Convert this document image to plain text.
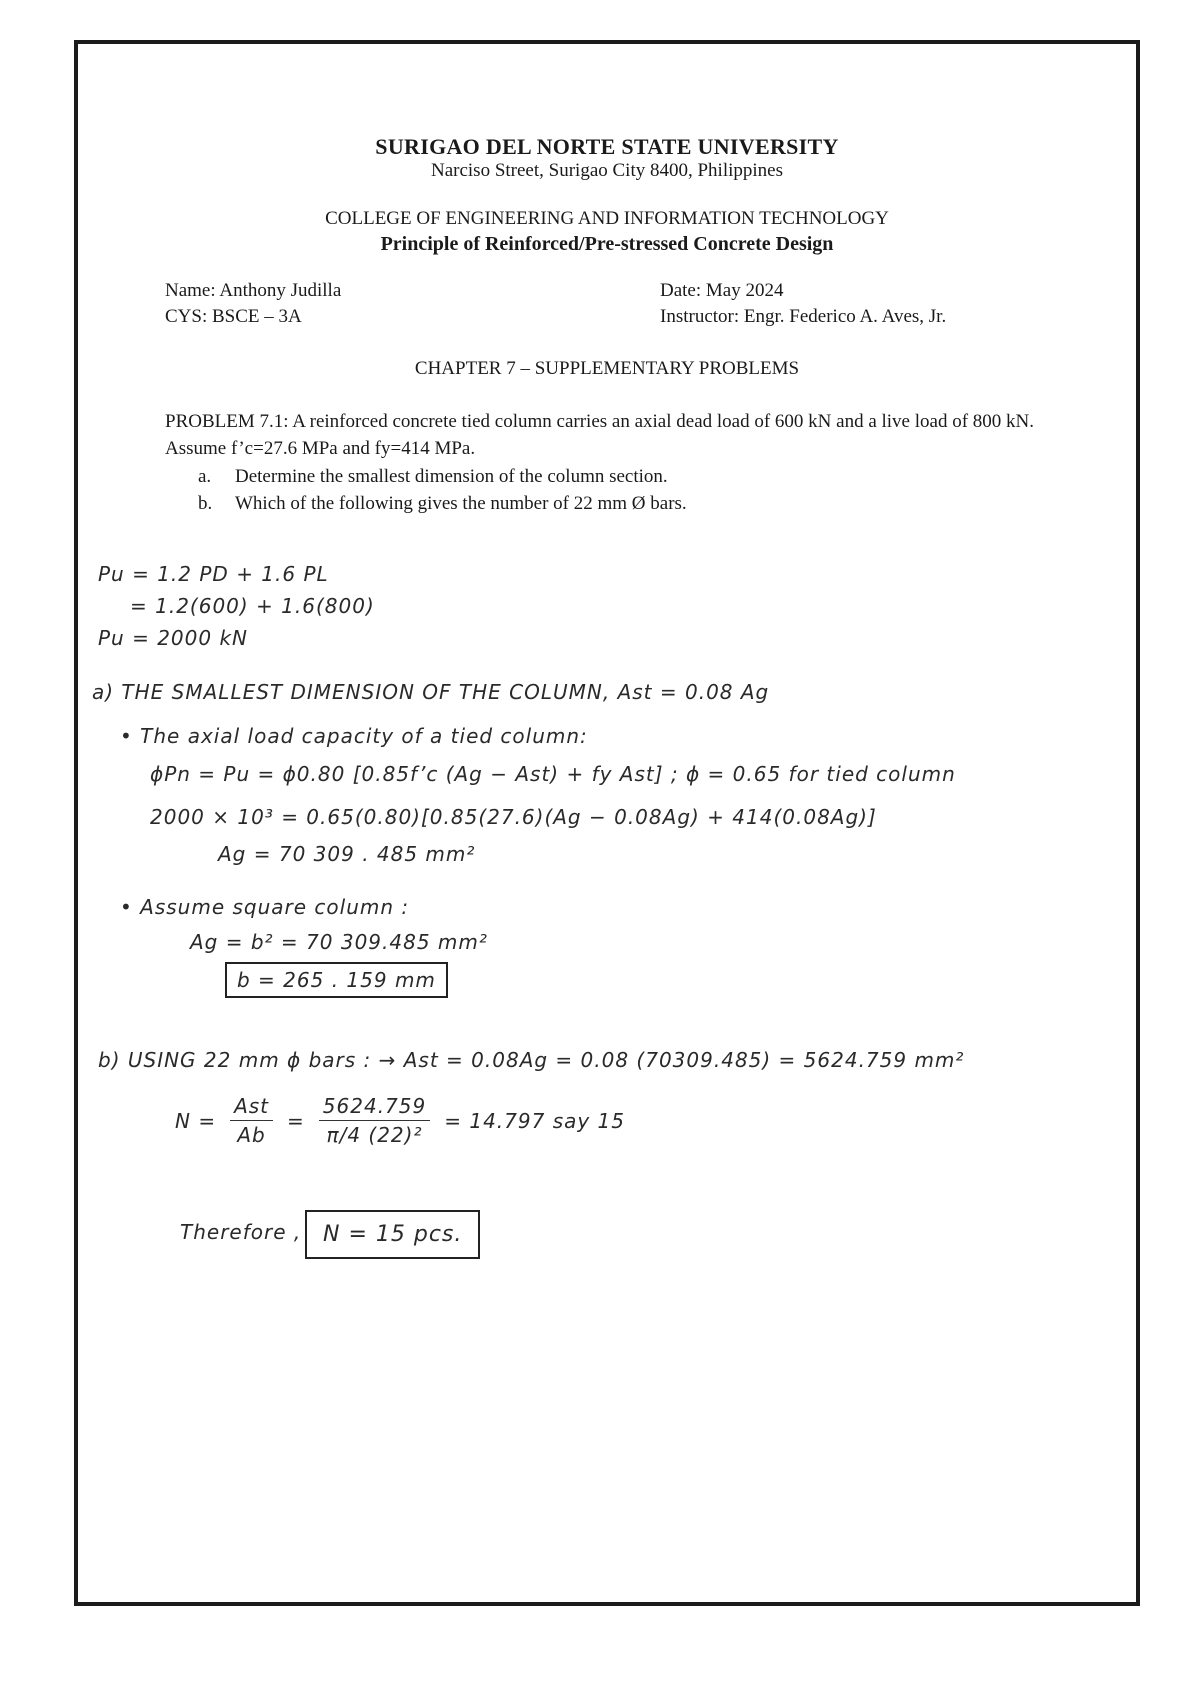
SURIGAO DEL NORTE STATE UNIVERSITY
Narciso Street, Surigao City 8400, Philippines
COLLEGE OF ENGINEERING AND INFORMATION TECHNOLOGY
Principle of Reinforced/Pre-stressed Concrete Design
Name: Anthony Judilla
CYS: BSCE – 3A
Date: May 2024
Instructor: Engr. Federico A. Aves, Jr.
CHAPTER 7 – SUPPLEMENTARY PROBLEMS
PROBLEM 7.1: A reinforced concrete tied column carries an axial dead load of 600 kN and a live load of 800 kN. Assume f’c=27.6 MPa and fy=414 MPa.
a. Determine the smallest dimension of the column section.
b. Which of the following gives the number of 22 mm Ø bars.
Pu = 1.2 PD + 1.6 PL
= 1.2(600) + 1.6(800)
Pu = 2000 kN
a) THE SMALLEST DIMENSION OF THE COLUMN, Ast = 0.08 Ag
• The axial load capacity of a tied column:
ϕPn = Pu = ϕ0.80 [0.85f’c (Ag − Ast) + fy Ast] ; ϕ = 0.65 for tied column
2000 × 10³ = 0.65(0.80)[0.85(27.6)(Ag − 0.08Ag) + 414(0.08Ag)]
Ag = 70 309 . 485 mm²
• Assume square column :
Ag = b² = 70 309.485 mm²
b = 265 . 159 mm
b) USING 22 mm ϕ bars : → Ast = 0.08Ag = 0.08 (70309.485) = 5624.759 mm²
$N = \frac{\text{Ast}}{Ab} = \frac{5624.759}{\text{π/4 (22)²}} = 14.797$ say 15
Therefore , N = 15 pcs.
